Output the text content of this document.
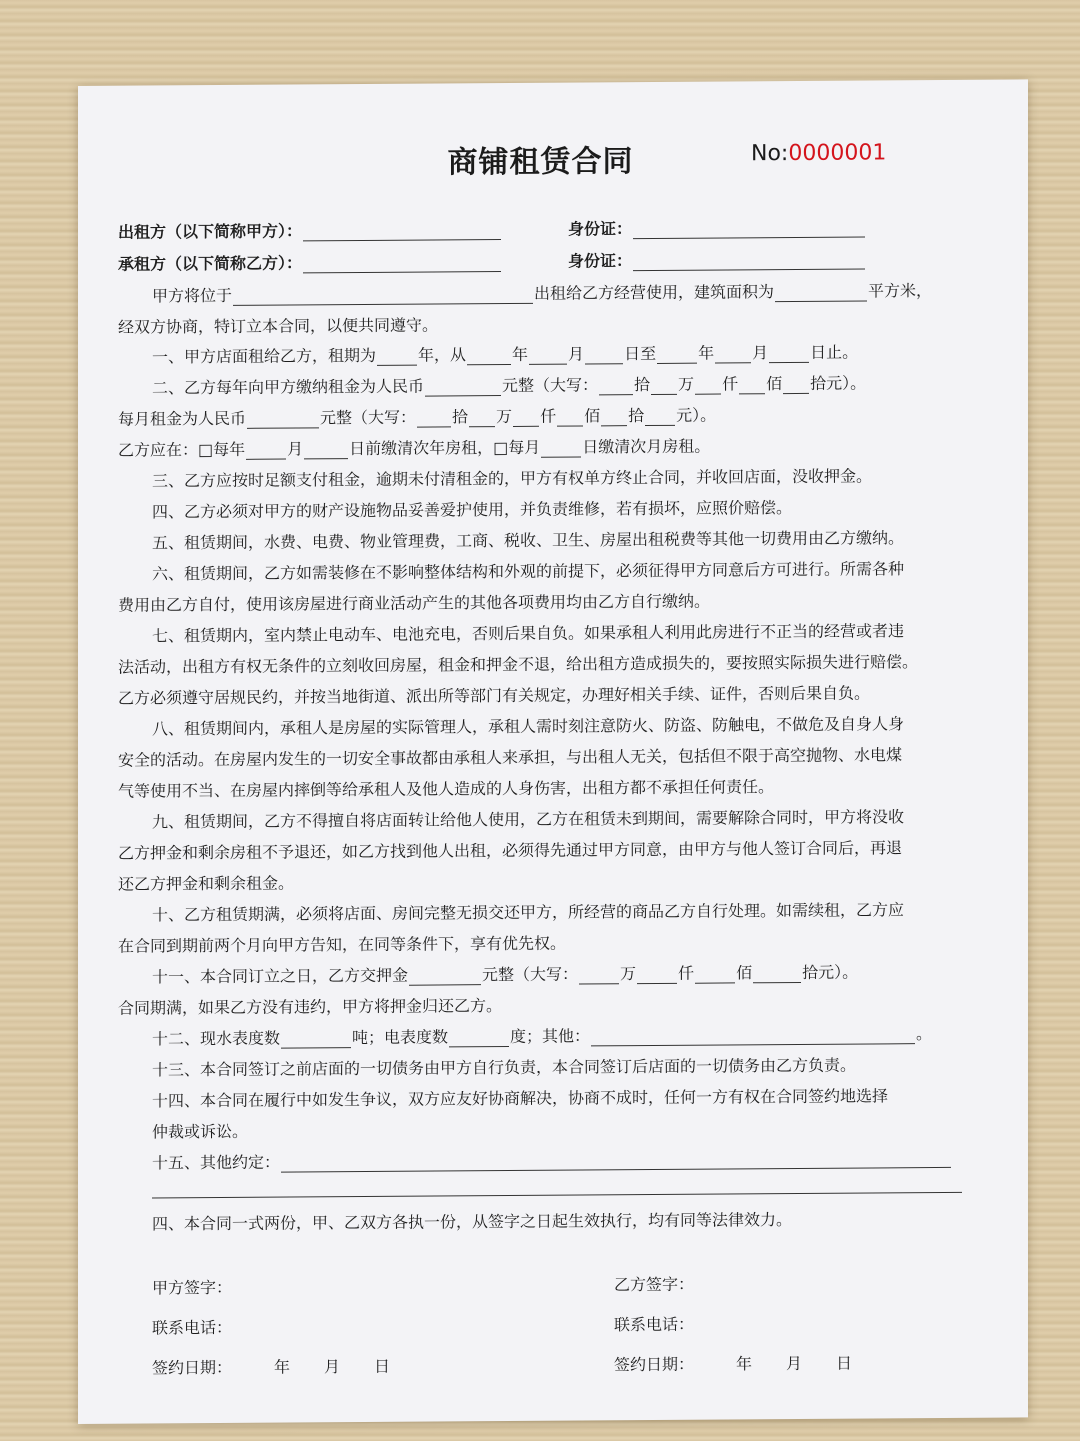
商铺租赁合同	No:0000001
出租方（以下简称甲方）：	身份证：
承租方（以下简称乙方）：	身份证：
甲方将位于	出租给乙方经营使用，建筑面积为	平方米，
经双方协商，特订立本合同，以便共同遵守。
一、甲方店面租给乙方，租期为	年，从	年	月	日至	年 月	日止。
二、乙方每年向甲方缴纳租金为人民币	元整（大写： 拾 万 仟 佰 拾元）。
每月租金为人民币	元整（大写： 拾 万 仟 佰 拾 元）。
乙方应在：□每年	月	日前缴清次年房租，□每月	日缴清次月房租。
三、乙方应按时足额支付租金，逾期未付清租金的，甲方有权单方终止合同，并收回店面，没收押金。
四、乙方必须对甲方的财产设施物品妥善爱护使用，并负责维修，若有损坏，应照价赔偿。
五、租赁期间，水费、电费、物业管理费，工商、税收、卫生、房屋出租税费等其他一切费用由乙方缴纳。
六、租赁期间，乙方如需装修在不影响整体结构和外观的前提下，必须征得甲方同意后方可进行。所需各种
费用由乙方自付，使用该房屋进行商业活动产生的其他各项费用均由乙方自行缴纳。
七、租赁期内，室内禁止电动车、电池充电，否则后果自负。如果承租人利用此房进行不正当的经营或者违
法活动，出租方有权无条件的立刻收回房屋，租金和押金不退，给出租方造成损失的，要按照实际损失进行赔偿。
乙方必须遵守居规民约，并按当地街道、派出所等部门有关规定，办理好相关手续、证件，否则后果自负。
八、租赁期间内，承租人是房屋的实际管理人，承租人需时刻注意防火、防盗、防触电，不做危及自身人身
安全的活动。在房屋内发生的一切安全事故都由承租人来承担，与出租人无关，包括但不限于高空抛物、水电煤
气等使用不当、在房屋内摔倒等给承租人及他人造成的人身伤害，出租方都不承担任何责任。
九、租赁期间，乙方不得擅自将店面转让给他人使用，乙方在租赁未到期间，需要解除合同时，甲方将没收
乙方押金和剩余房租不予退还，如乙方找到他人出租，必须得先通过甲方同意，由甲方与他人签订合同后，再退
还乙方押金和剩余租金。
十、乙方租赁期满，必须将店面、房间完整无损交还甲方，所经营的商品乙方自行处理。如需续租，乙方应
在合同到期前两个月向甲方告知，在同等条件下，享有优先权。
十一、本合同订立之日，乙方交押金	元整（大写：	万	仟	佰	拾元）。
合同期满，如果乙方没有违约，甲方将押金归还乙方。
十二、现水表度数	吨；电表度数	度；其他：	。
十三、本合同签订之前店面的一切债务由甲方自行负责，本合同签订后店面的一切债务由乙方负责。
十四、本合同在履行中如发生争议，双方应友好协商解决，协商不成时，任何一方有权在合同签约地选择
仲裁或诉讼。
十五、其他约定：
四、本合同一式两份，甲、乙双方各执一份，从签字之日起生效执行，均有同等法律效力。
甲方签字：	乙方签字：
联系电话：	联系电话：
签约日期：	年 月 日	签约日期：	年 月 日
